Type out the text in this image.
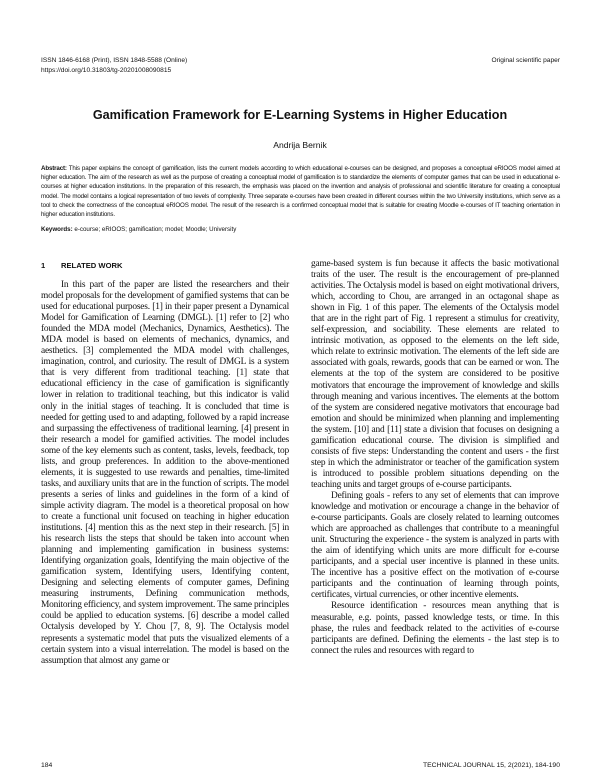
ISSN 1846-6168 (Print), ISSN 1848-5588 (Online)
https://doi.org/10.31803/tg-20201008090815
Original scientific paper
Gamification Framework for E-Learning Systems in Higher Education
Andrija Bernik

Abstract: This paper explains the concept of gamification, lists the current models according to which educational e-courses can be designed, and proposes a conceptual eRIOOS model aimed at higher education. The aim of the research as well as the purpose of creating a conceptual model of gamification is to standardize the elements of computer games that can be used in educational e-courses at higher education institutions. In the preparation of this research, the emphasis was placed on the invention and analysis of professional and scientific literature for creating a conceptual model. The model contains a logical representation of two levels of complexity. Three separate e-courses have been created in different courses within the two University institutions, which serve as a tool to check the correctness of the conceptual eRIOOS model. The result of the research is a confirmed conceptual model that is suitable for creating Moodle e-courses of IT teaching orientation in higher education institutions.

Keywords: e-course; eRIOOS; gamification; model; Moodle; University

1 RELATED WORK

In this part of the paper are listed the researchers and their model proposals for the development of gamified systems that can be used for educational purposes. [1] in their paper present a Dynamical Model for Gamification of Learning (DMGL). [1] refer to [2] who founded the MDA model (Mechanics, Dynamics, Aesthetics). The MDA model is based on elements of mechanics, dynamics, and aesthetics. [3] complemented the MDA model with challenges, imagination, control, and curiosity. The result of DMGL is a system that is very different from traditional teaching. [1] state that educational efficiency in the case of gamification is significantly lower in relation to traditional teaching, but this indicator is valid only in the initial stages of teaching. It is concluded that time is needed for getting used to and adapting, followed by a rapid increase and surpassing the effectiveness of traditional learning. [4] present in their research a model for gamified activities. The model includes some of the key elements such as content, tasks, levels, feedback, top lists, and group preferences. In addition to the above-mentioned elements, it is suggested to use rewards and penalties, time-limited tasks, and auxiliary units that are in the function of scripts. The model presents a series of links and guidelines in the form of a kind of simple activity diagram. The model is a theoretical proposal on how to create a functional unit focused on teaching in higher education institutions. [4] mention this as the next step in their research. [5] in his research lists the steps that should be taken into account when planning and implementing gamification in business systems: Identifying organization goals, Identifying the main objective of the gamification system, Identifying users, Identifying content, Designing and selecting elements of computer games, Defining measuring instruments, Defining communication methods, Monitoring efficiency, and system improvement. The same principles could be applied to education systems. [6] describe a model called Octalysis developed by Y. Chou [7, 8, 9]. The Octalysis model represents a systematic model that puts the visualized elements of a certain system into a visual interrelation. The model is based on the assumption that almost any game or

game-based system is fun because it affects the basic motivational traits of the user. The result is the encouragement of pre-planned activities. The Octalysis model is based on eight motivational drivers, which, according to Chou, are arranged in an octagonal shape as shown in Fig. 1 of this paper. The elements of the Octalysis model that are in the right part of Fig. 1 represent a stimulus for creativity, self-expression, and sociability. These elements are related to intrinsic motivation, as opposed to the elements on the left side, which relate to extrinsic motivation. The elements of the left side are associated with goals, rewards, goods that can be earned or won. The elements at the top of the system are considered to be positive motivators that encourage the improvement of knowledge and skills through meaning and various incentives. The elements at the bottom of the system are considered negative motivators that encourage bad emotion and should be minimized when planning and implementing the system. [10] and [11] state a division that focuses on designing a gamification educational course. The division is simplified and consists of five steps: Understanding the content and users - the first step in which the administrator or teacher of the gamification system is introduced to possible problem situations depending on the teaching units and target groups of e-course participants.

Defining goals - refers to any set of elements that can improve knowledge and motivation or encourage a change in the behavior of e-course participants. Goals are closely related to learning outcomes which are approached as challenges that contribute to a meaningful unit. Structuring the experience - the system is analyzed in parts with the aim of identifying which units are more difficult for e-course participants, and a special user incentive is planned in these units. The incentive has a positive effect on the motivation of e-course participants and the continuation of learning through points, certificates, virtual currencies, or other incentive elements.

Resource identification - resources mean anything that is measurable, e.g. points, passed knowledge tests, or time. In this phase, the rules and feedback related to the activities of e-course participants are defined. Defining the elements - the last step is to connect the rules and resources with regard to

184	TECHNICAL JOURNAL 15, 2(2021), 184-190
